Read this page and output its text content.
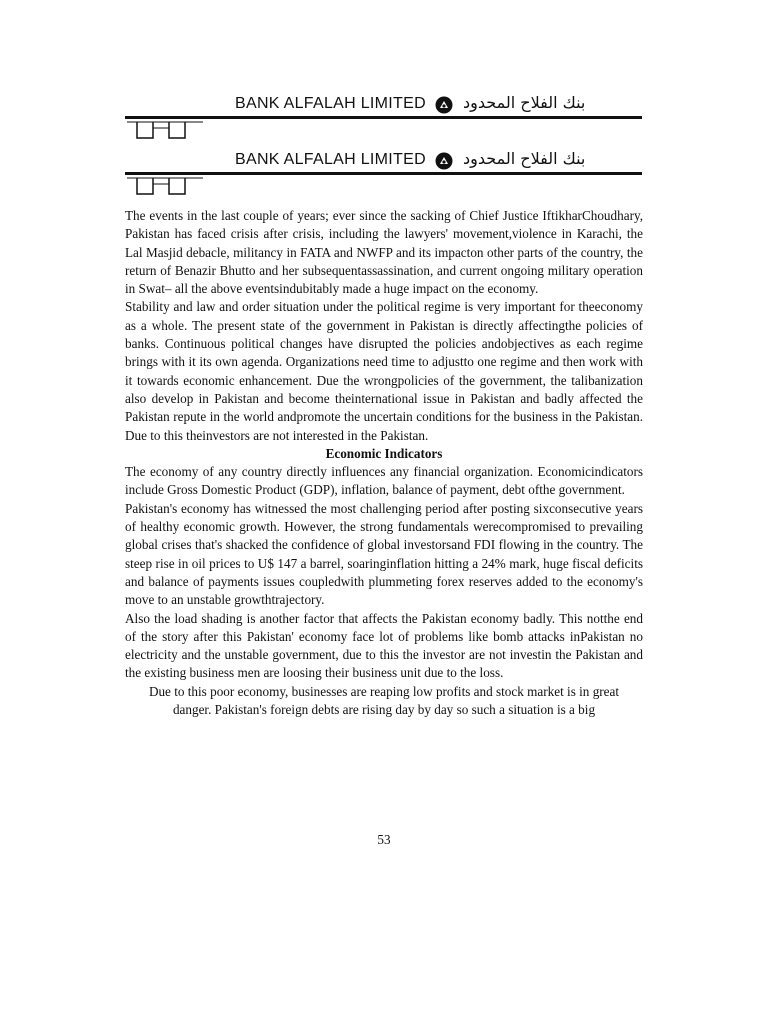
BANK ALFALAH LIMITED بنك الفلاح المحدود
BANK ALFALAH LIMITED بنك الفلاح المحدود

The events in the last couple of years; ever since the sacking of Chief Justice IftikharChoudhary, Pakistan has faced crisis after crisis, including the lawyers' movement,violence in Karachi, the Lal Masjid debacle, militancy in FATA and NWFP and its impacton other parts of the country, the return of Benazir Bhutto and her subsequentassassination, and current ongoing military operation in Swat– all the above eventsindubitably made a huge impact on the economy.

Stability and law and order situation under the political regime is very important for theeconomy as a whole. The present state of the government in Pakistan is directly affectingthe policies of banks. Continuous political changes have disrupted the policies andobjectives as each regime brings with it its own agenda. Organizations need time to adjustto one regime and then work with it towards economic enhancement. Due the wrongpolicies of the government, the talibanization also develop in Pakistan and become theinternational issue in Pakistan and badly affected the Pakistan repute in the world andpromote the uncertain conditions for the business in the Pakistan. Due to this theinvestors are not interested in the Pakistan.

Economic Indicators

The economy of any country directly influences any financial organization. Economicindicators include Gross Domestic Product (GDP), inflation, balance of payment, debt ofthe government.

Pakistan's economy has witnessed the most challenging period after posting sixconsecutive years of healthy economic growth. However, the strong fundamentals werecompromised to prevailing global crises that's shacked the confidence of global investorsand FDI flowing in the country. The steep rise in oil prices to U$ 147 a barrel, soaringinflation hitting a 24% mark, huge fiscal deficits and balance of payments issues coupledwith plummeting forex reserves added to the economy's move to an unstable growthtrajectory.

Also the load shading is another factor that affects the Pakistan economy badly. This notthe end of the story after this Pakistan' economy face lot of problems like bomb attacks inPakistan no electricity and the unstable government, due to this the investor are not investin the Pakistan and the existing business men are loosing their business unit due to the loss.

Due to this poor economy, businesses are reaping low profits and stock market is in great

danger. Pakistan's foreign debts are rising day by day so such a situation is a big

53
